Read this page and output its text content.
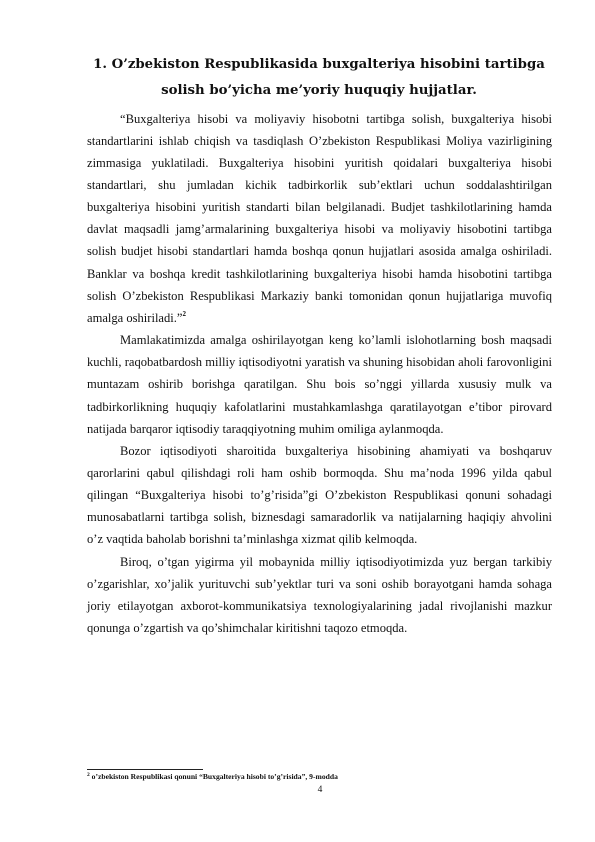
1. O’zbekiston Respublikasida buxgalteriya hisobini tartibga solish bo’yicha me’yoriy huquqiy hujjatlar.

“Buxgalteriya hisobi va moliyaviy hisobotni tartibga solish, buxgalteriya hisobi standartlarini ishlab chiqish va tasdiqlash O’zbekiston Respublikasi Moliya vazirligining zimmasiga yuklatiladi. Buxgalteriya hisobini yuritish qoidalari buxgalteriya hisobi standartlari, shu jumladan kichik tadbirkorlik sub’ektlari uchun soddalashtirilgan buxgalteriya hisobini yuritish standarti bilan belgilanadi. Budjet tashkilotlarining hamda davlat maqsadli jamg’armalarining buxgalteriya hisobi va moliyaviy hisobotini tartibga solish budjet hisobi standartlari hamda boshqa qonun hujjatlari asosida amalga oshiriladi. Banklar va boshqa kredit tashkilotlarining buxgalteriya hisobi hamda hisobotini tartibga solish O’zbekiston Respublikasi Markaziy banki tomonidan qonun hujjatlariga muvofiq amalga oshiriladi.”$^2$

Mamlakatimizda amalga oshirilayotgan keng ko’lamli islohotlarning bosh maqsadi kuchli, raqobatbardosh milliy iqtisodiyotni yaratish va shuning hisobidan aholi farovonligini muntazam oshirib borishga qaratilgan. Shu bois so’nggi yillarda xususiy mulk va tadbirkorlikning huquqiy kafolatlarini mustahkamlashga qaratilayotgan e’tibor pirovard natijada barqaror iqtisodiy taraqqiyotning muhim omiliga aylanmoqda.

Bozor iqtisodiyoti sharoitida buxgalteriya hisobining ahamiyati va boshqaruv qarorlarini qabul qilishdagi roli ham oshib bormoqda. Shu ma’noda 1996 yilda qabul qilingan “Buxgalteriya hisobi to’g’risida”gi O’zbekiston Respublikasi qonuni sohadagi munosabatlarni tartibga solish, biznesdagi samaradorlik va natijalarning haqiqiy ahvolini o’z vaqtida baholab borishni ta’minlashga xizmat qilib kelmoqda.

Biroq, o’tgan yigirma yil mobaynida milliy iqtisodiyotimizda yuz bergan tarkibiy o’zgarishlar, xo’jalik yurituvchi sub’yektlar turi va soni oshib borayotgani hamda sohaga joriy etilayotgan axborot-kommunikatsiya texnologiyalarining jadal rivojlanishi mazkur qonunga o’zgartish va qo’shimchalar kiritishni taqozo etmoqda.

$^2$ o’zbekiston Respublikasi qonuni “Buxgalteriya hisobi to’g’risida”, 9-modda
4
